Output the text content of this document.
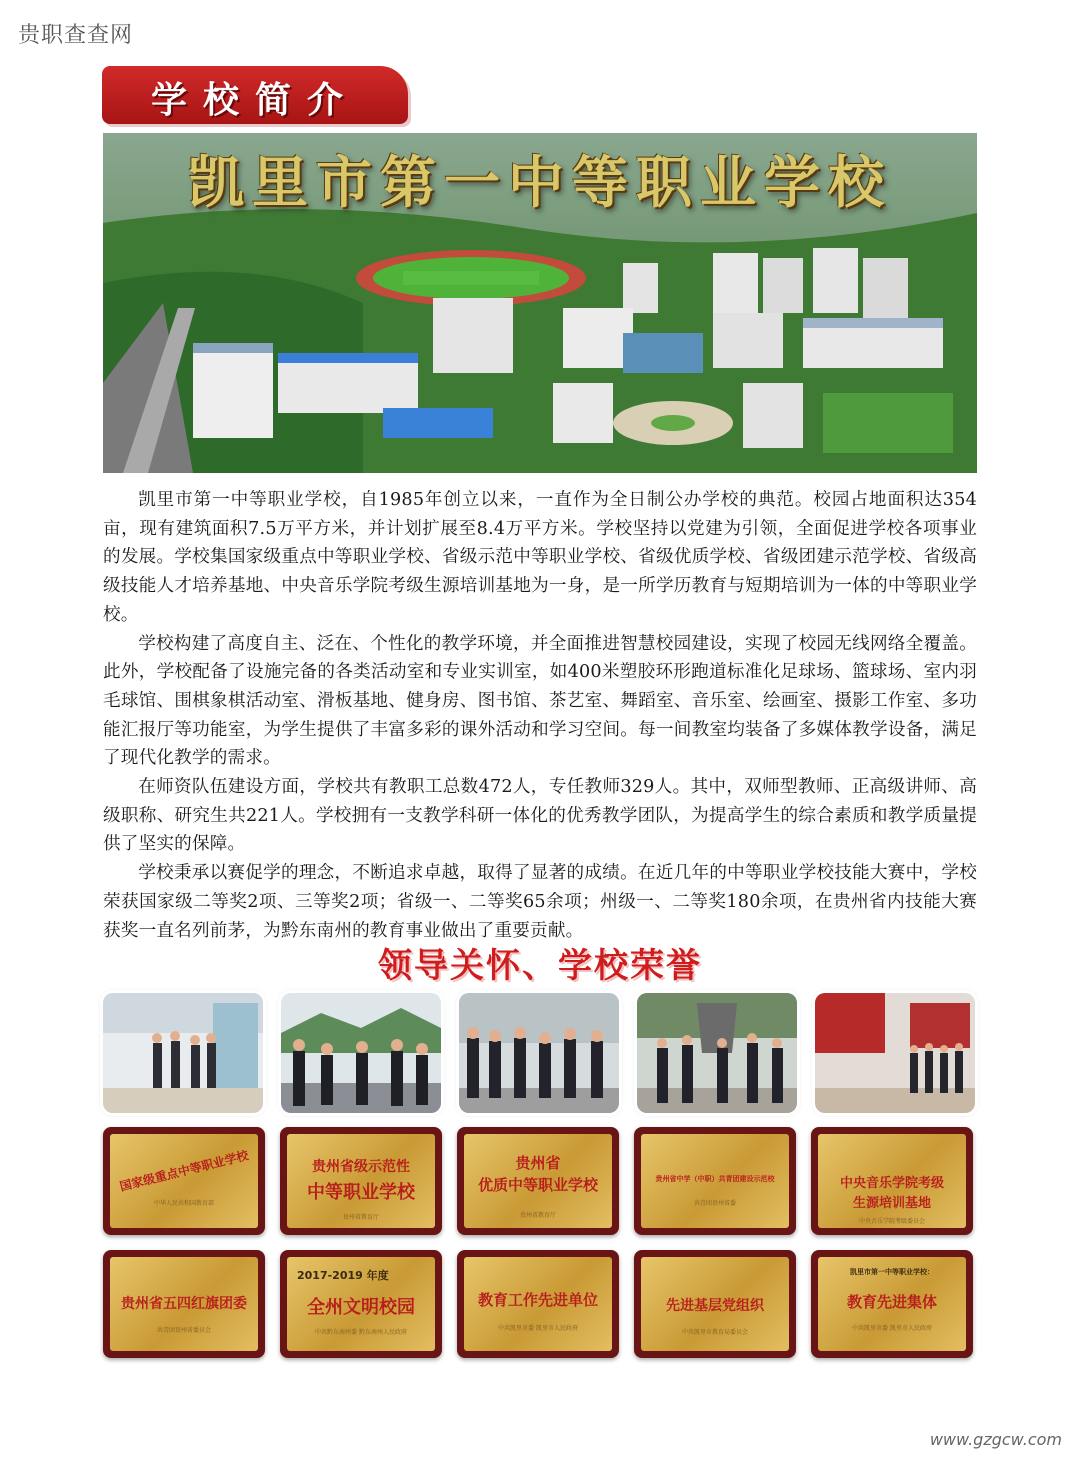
贵职查查网
学校简介
凯里市第一中等职业学校

凯里市第一中等职业学校，自1985年创立以来，一直作为全日制公办学校的典范。校园占地面积达354亩，现有建筑面积7.5万平方米，并计划扩展至8.4万平方米。学校坚持以党建为引领，全面促进学校各项事业的发展。学校集国家级重点中等职业学校、省级示范中等职业学校、省级优质学校、省级团建示范学校、省级高级技能人才培养基地、中央音乐学院考级生源培训基地为一身，是一所学历教育与短期培训为一体的中等职业学校。

学校构建了高度自主、泛在、个性化的教学环境，并全面推进智慧校园建设，实现了校园无线网络全覆盖。此外，学校配备了设施完备的各类活动室和专业实训室，如400米塑胶环形跑道标准化足球场、篮球场、室内羽毛球馆、围棋象棋活动室、滑板基地、健身房、图书馆、茶艺室、舞蹈室、音乐室、绘画室、摄影工作室、多功能汇报厅等功能室，为学生提供了丰富多彩的课外活动和学习空间。每一间教室均装备了多媒体教学设备，满足了现代化教学的需求。

在师资队伍建设方面，学校共有教职工总数472人，专任教师329人。其中，双师型教师、正高级讲师、高级职称、研究生共221人。学校拥有一支教学科研一体化的优秀教学团队，为提高学生的综合素质和教学质量提供了坚实的保障。

学校秉承以赛促学的理念，不断追求卓越，取得了显著的成绩。在近几年的中等职业学校技能大赛中，学校荣获国家级二等奖2项、三等奖2项；省级一、二等奖65余项；州级一、二等奖180余项，在贵州省内技能大赛获奖一直名列前茅，为黔东南州的教育事业做出了重要贡献。

领导关怀、学校荣誉
国家级重点中等职业学校
中华人民共和国教育部
贵州省级示范性
中等职业学校
贵州省教育厅
贵州省
优质中等职业学校
贵州省教育厅
贵州省中学（中职）共青团建设示范校
共青团贵州省委
中央音乐学院考级
生源培训基地
中央音乐学院考级委员会
贵州省五四红旗团委
共青团贵州省委员会
2017-2019 年度
全州文明校园
中共黔东南州委 黔东南州人民政府
教育工作先进单位
中共凯里市委 凯里市人民政府
先进基层党组织
中共凯里市教育局委员会
凯里市第一中等职业学校：
教育先进集体
中共凯里市委 凯里市人民政府
www.gzgcw.com
